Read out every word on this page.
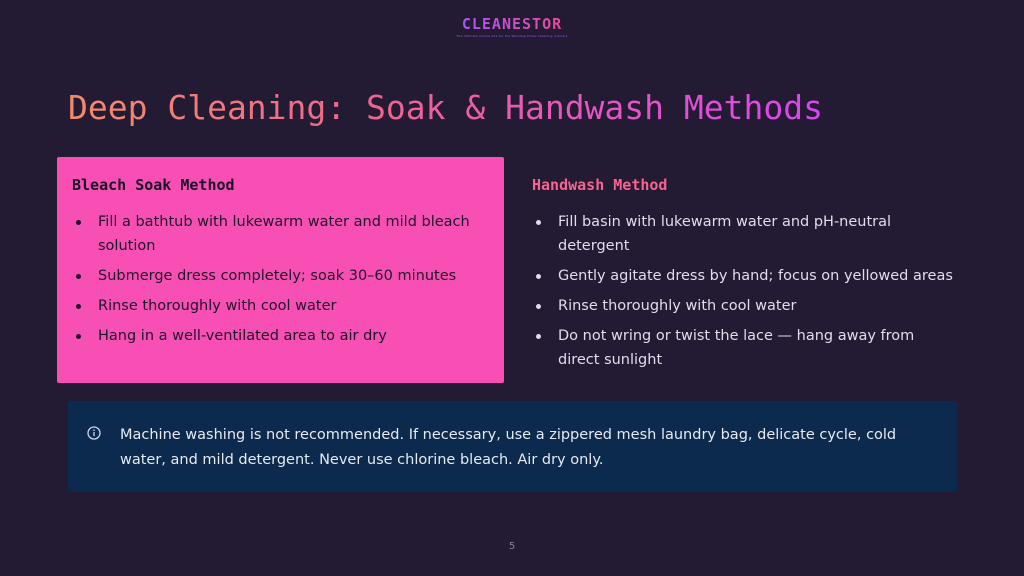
CLEANESTOR
The Ultimate Online Site for the Wedding Dress Cleaning Industry
Deep Cleaning: Soak & Handwash Methods
Bleach Soak Method
Fill a bathtub with lukewarm water and mild bleach solution
Submerge dress completely; soak 30–60 minutes
Rinse thoroughly with cool water
Hang in a well-ventilated area to air dry
Handwash Method
Fill basin with lukewarm water and pH-neutral detergent
Gently agitate dress by hand; focus on yellowed areas
Rinse thoroughly with cool water
Do not wring or twist the lace — hang away from direct sunlight
Machine washing is not recommended. If necessary, use a zippered mesh laundry bag, delicate cycle, cold water, and mild detergent. Never use chlorine bleach. Air dry only.
5
